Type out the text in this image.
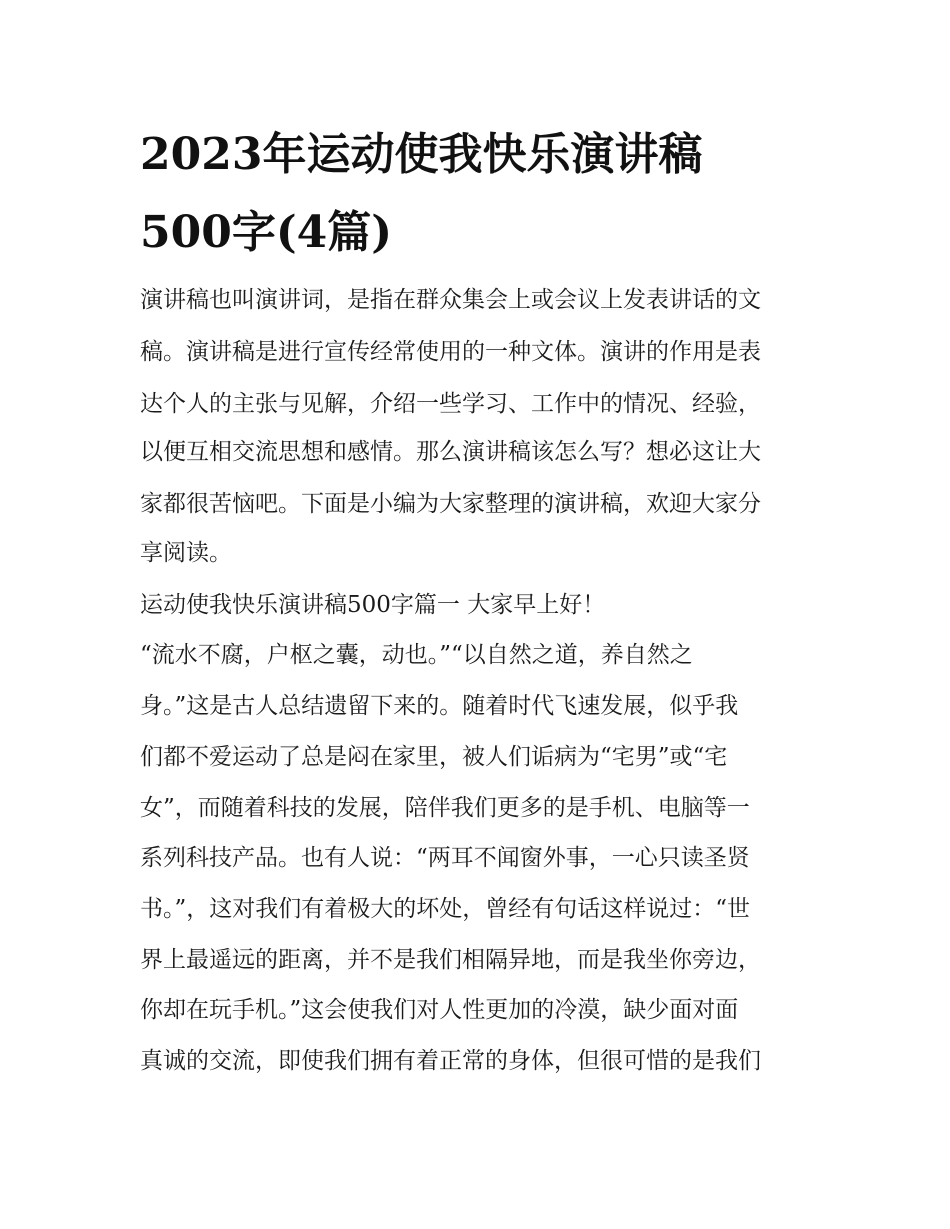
2023年运动使我快乐演讲稿
500字(4篇)
演讲稿也叫演讲词，是指在群众集会上或会议上发表讲话的文
稿。演讲稿是进行宣传经常使用的一种文体。演讲的作用是表
达个人的主张与见解，介绍一些学习、工作中的情况、经验，
以便互相交流思想和感情。那么演讲稿该怎么写？想必这让大
家都很苦恼吧。下面是小编为大家整理的演讲稿，欢迎大家分
享阅读。
运动使我快乐演讲稿500字篇一 大家早上好！
“流水不腐，户枢之囊，动也。”“以自然之道，养自然之
身。”这是古人总结遗留下来的。随着时代飞速发展，似乎我
们都不爱运动了总是闷在家里，被人们诟病为“宅男”或“宅
女”，而随着科技的发展，陪伴我们更多的是手机、电脑等一
系列科技产品。也有人说：“两耳不闻窗外事，一心只读圣贤
书。”，这对我们有着极大的坏处，曾经有句话这样说过：“世
界上最遥远的距离，并不是我们相隔异地，而是我坐你旁边，
你却在玩手机。”这会使我们对人性更加的冷漠，缺少面对面
真诚的交流，即使我们拥有着正常的身体，但很可惜的是我们
